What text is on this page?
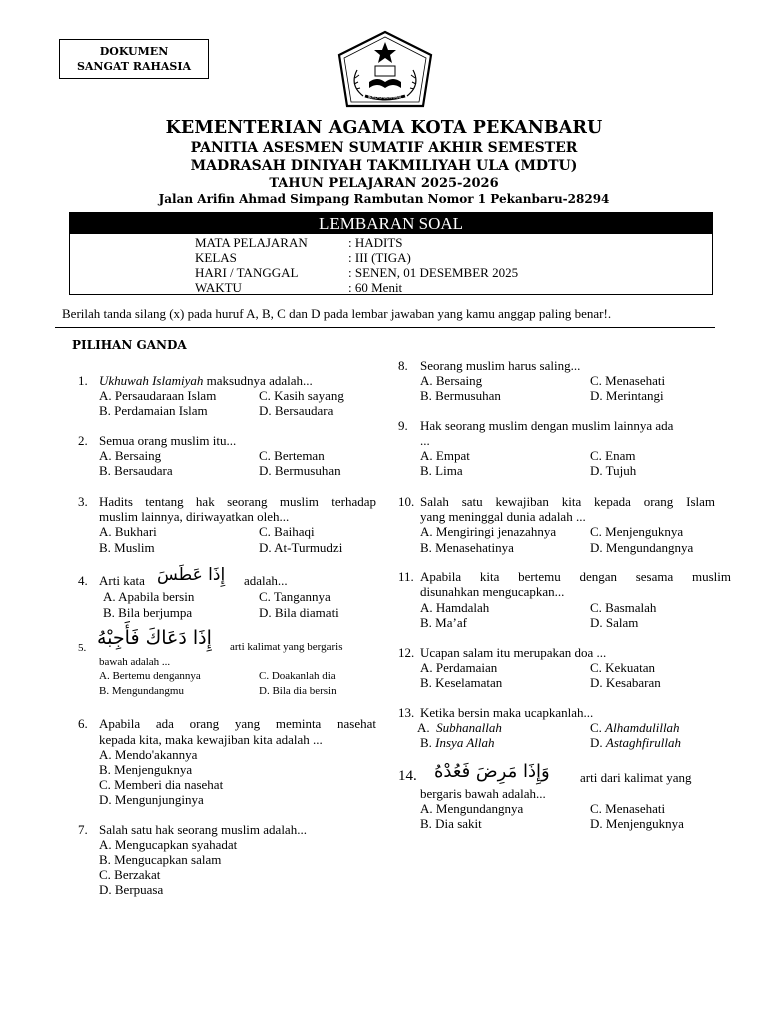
DOKUMEN
SANGAT RAHASIA
IKHLAS BERAMAL
KEMENTERIAN AGAMA KOTA PEKANBARU
PANITIA ASESMEN SUMATIF AKHIR SEMESTER
MADRASAH DINIYAH TAKMILIYAH ULA (MDTU)
TAHUN PELAJARAN 2025-2026
Jalan Arifin Ahmad Simpang Rambutan Nomor 1 Pekanbaru-28294
LEMBARAN SOAL
MATA PELAJARAN	: HADITS
KELAS	: III (TIGA)
HARI / TANGGAL	: SENEN, 01 DESEMBER 2025
WAKTU	: 60 Menit
Berilah tanda silang (x) pada huruf A, B, C dan D pada lembar jawaban yang kamu anggap paling benar!.
PILIHAN GANDA
1. Ukhuwah Islamiyah maksudnya adalah...
A. Persaudaraan Islam	C. Kasih sayang
B. Perdamaian Islam	D. Bersaudara
2. Semua orang muslim itu...
A. Bersaing	C. Berteman
B. Bersaudara	D. Bermusuhan
3. Hadits tentang hak seorang muslim terhadap
muslim lainnya, diriwayatkan oleh...
A. Bukhari	C. Baihaqi
B. Muslim	D. At-Turmudzi
4. Arti kata إِذَا عَطَسَ adalah...
A. Apabila bersin	C. Tangannya
B. Bila berjumpa	D. Bila diamati
5. إِذَا دَعَاكَ فَأَجِبْهُ arti kalimat yang bergaris
bawah adalah ...
A. Bertemu dengannya	C. Doakanlah dia
B. Mengundangmu	D. Bila dia bersin
6. Apabila ada orang yang meminta nasehat
kepada kita, maka kewajiban kita adalah ...
A. Mendo'akannya
B. Menjenguknya
C. Memberi dia nasehat
D. Mengunjunginya
7. Salah satu hak seorang muslim adalah...
A. Mengucapkan syahadat
B. Mengucapkan salam
C. Berzakat
D. Berpuasa
8. Seorang muslim harus saling...
A. Bersaing	C. Menasehati
B. Bermusuhan	D. Merintangi
9. Hak seorang muslim dengan muslim lainnya ada
...
A. Empat	C. Enam
B. Lima	D. Tujuh
10. Salah satu kewajiban kita kepada orang Islam
yang meninggal dunia adalah ...
A. Mengiringi jenazahnya	C. Menjenguknya
B. Menasehatinya	D. Mengundangnya
11. Apabila kita bertemu dengan sesama muslim
disunahkan mengucapkan...
A. Hamdalah	C. Basmalah
B. Ma’af	D. Salam
12. Ucapan salam itu merupakan doa ...
A. Perdamaian	C. Kekuatan
B. Keselamatan	D. Kesabaran
13. Ketika bersin maka ucapkanlah...
A. Subhanallah	C. Alhamdulillah
B. Insya Allah	D. Astaghfirullah
14. وَإِذَا مَرِضَ فَعُدْهُ arti dari kalimat yang
bergaris bawah adalah...
A. Mengundangnya	C. Menasehati
B. Dia sakit	D. Menjenguknya
